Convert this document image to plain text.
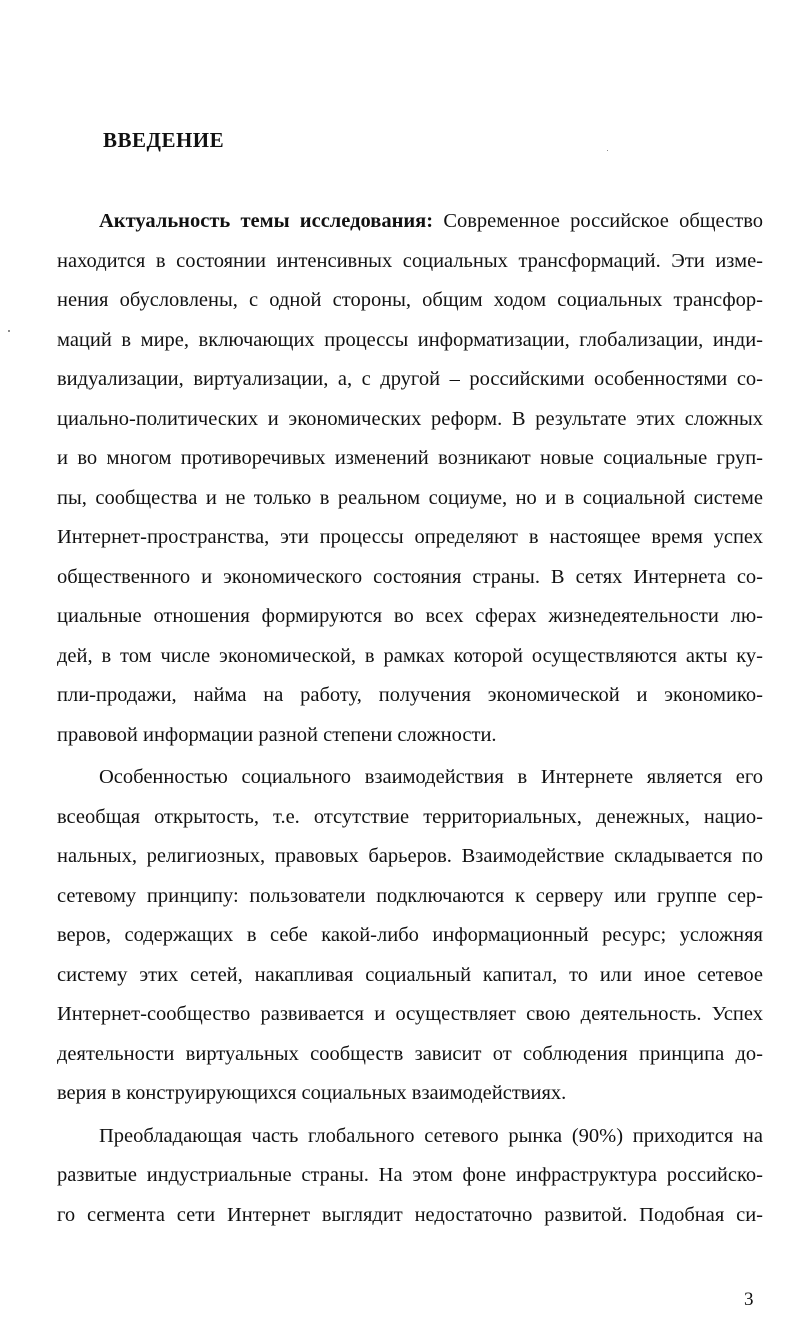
ВВЕДЕНИЕ
Актуальность темы исследования: Современное российское общество
находится в состоянии интенсивных социальных трансформаций. Эти изме-
нения обусловлены, с одной стороны, общим ходом социальных трансфор-
маций в мире, включающих процессы информатизации, глобализации, инди-
видуализации, виртуализации, а, с другой – российскими особенностями со-
циально-политических и экономических реформ. В результате этих сложных
и во многом противоречивых изменений возникают новые социальные груп-
пы, сообщества и не только в реальном социуме, но и в социальной системе
Интернет-пространства, эти процессы определяют в настоящее время успех
общественного и экономического состояния страны. В сетях Интернета со-
циальные отношения формируются во всех сферах жизнедеятельности лю-
дей, в том числе экономической, в рамках которой осуществляются акты ку-
пли-продажи, найма на работу, получения экономической и экономико-
правовой информации разной степени сложности.
Особенностью социального взаимодействия в Интернете является его
всеобщая открытость, т.е. отсутствие территориальных, денежных, нацио-
нальных, религиозных, правовых барьеров. Взаимодействие складывается по
сетевому принципу: пользователи подключаются к серверу или группе сер-
веров, содержащих в себе какой-либо информационный ресурс; усложняя
систему этих сетей, накапливая социальный капитал, то или иное сетевое
Интернет-сообщество развивается и осуществляет свою деятельность. Успех
деятельности виртуальных сообществ зависит от соблюдения принципа до-
верия в конструирующихся социальных взаимодействиях.
Преобладающая часть глобального сетевого рынка (90%) приходится на
развитые индустриальные страны. На этом фоне инфраструктура российско-
го сегмента сети Интернет выглядит недостаточно развитой. Подобная си-
3
